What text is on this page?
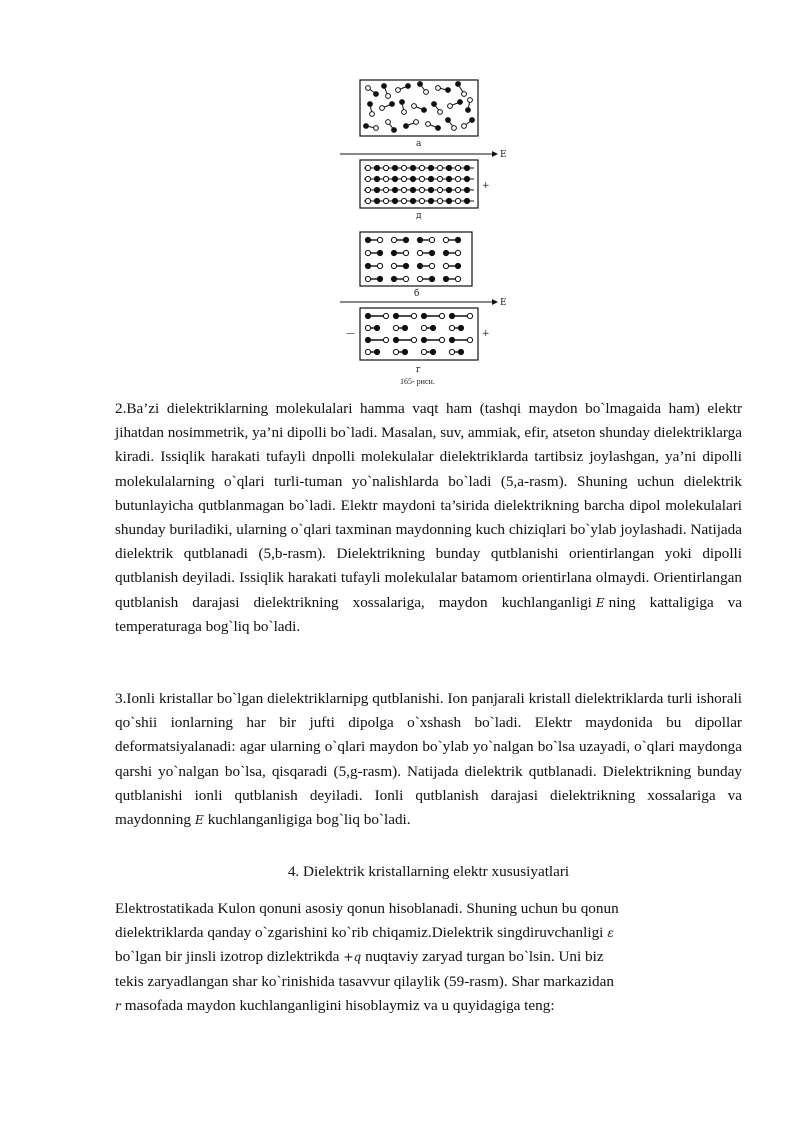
а
E
+
д
б
E
—	+
г
165- рисн.

2.Ba’zi dielektriklarning molekulalari hamma vaqt ham (tashqi maydon bo`lmagaida ham) elektr jihatdan nosimmetrik, ya’ni dipolli bo`ladi. Masalan, suv, ammiak, efir, atseton shunday dielektriklarga kiradi. Issiqlik harakati tufayli dnpolli molekulalar dielektriklarda tartibsiz joylashgan, ya’ni dipolli molekulalarning o`qlari turli-tuman yo`nalishlarda bo`ladi (5,a-rasm). Shuning uchun dielektrik butunlayicha qutblanmagan bo`ladi. Elektr maydoni ta’sirida dielektrikning barcha dipol molekulalari shunday buriladiki, ularning o`qlari taxminan maydonning kuch chiziqlari bo`ylab joylashadi. Natijada dielektrik qutblanadi (5,b-rasm). Dielektrikning bunday qutblanishi orientirlangan yoki dipolli qutblanish deyiladi. Issiqlik harakati tufayli molekulalar batamom orientirlana olmaydi. Orientirlangan qutblanish darajasi dielektrikning xossalariga, maydon kuchlanganligi E ning kattaligiga va temperaturaga bog`liq bo`ladi.

3.Ionli kristallar bo`lgan dielektriklarnipg qutblanishi. Ion panjarali kristall dielektriklarda turli ishorali qo`shii ionlarning har bir jufti dipolga o`xshash bo`ladi. Elektr maydonida bu dipollar deformatsiyalanadi: agar ularning o`qlari maydon bo`ylab yo`nalgan bo`lsa uzayadi, o`qlari maydonga qarshi yo`nalgan bo`lsa, qisqaradi (5,g-rasm). Natijada dielektrik qutblanadi. Dielektrikning bunday qutblanishi ionli qutblanish deyiladi. Ionli qutblanish darajasi dielektrikning xossalariga va maydonning E kuchlanganligiga bog`liq bo`ladi.

4. Dielektrik kristallarning elektr xususiyatlari

Elektrostatikada Kulon qonuni asosiy qonun hisoblanadi. Shuning uchun bu qonun
dielektriklarda qanday o`zgarishini ko`rib chiqamiz.Dielektrik singdiruvchanligi ε
bo`lgan bir jinsli izotrop dizlektrikda +q nuqtaviy zaryad turgan bo`lsin. Uni biz
tekis zaryadlangan shar ko`rinishida tasavvur qilaylik (59-rasm). Shar markazidan
r masofada maydon kuchlanganligini hisoblaymiz va u quyidagiga teng:
